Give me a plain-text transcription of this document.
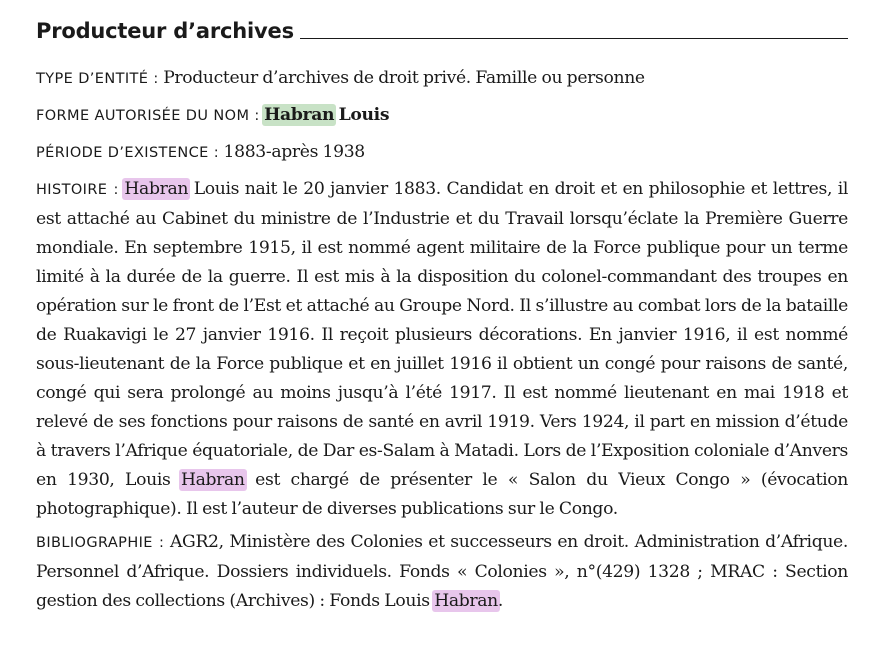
Producteur d’archives

TYPE D’ENTITÉ : Producteur d’archives de droit privé. Famille ou personne

FORME AUTORISÉE DU NOM : Habran Louis

PÉRIODE D’EXISTENCE : 1883-après 1938

HISTOIRE : Habran Louis nait le 20 janvier 1883. Candidat en droit et en philosophie et lettres, il est attaché au Cabinet du ministre de l’Industrie et du Travail lorsqu’éclate la Première Guerre mondiale. En septembre 1915, il est nommé agent militaire de la Force publique pour un terme limité à la durée de la guerre. Il est mis à la disposition du colonel-commandant des troupes en opération sur le front de l’Est et attaché au Groupe Nord. Il s’illustre au combat lors de la bataille de Ruakavigi le 27 janvier 1916. Il reçoit plusieurs décorations. En janvier 1916, il est nommé sous-lieutenant de la Force publique et en juillet 1916 il obtient un congé pour raisons de santé, congé qui sera prolongé au moins jusqu’à l’été 1917. Il est nommé lieutenant en mai 1918 et relevé de ses fonctions pour raisons de santé en avril 1919. Vers 1924, il part en mission d’étude à travers l’Afrique équatoriale, de Dar es-Salam à Matadi. Lors de l’Exposition coloniale d’Anvers en 1930, Louis Habran est chargé de présenter le « Salon du Vieux Congo » (évocation photographique). Il est l’auteur de diverses publications sur le Congo.

BIBLIOGRAPHIE : AGR2, Ministère des Colonies et successeurs en droit. Administration d’Afrique. Personnel d’Afrique. Dossiers individuels. Fonds « Colonies », n°(429) 1328 ; MRAC : Section gestion des collections (Archives) : Fonds Louis Habran.
